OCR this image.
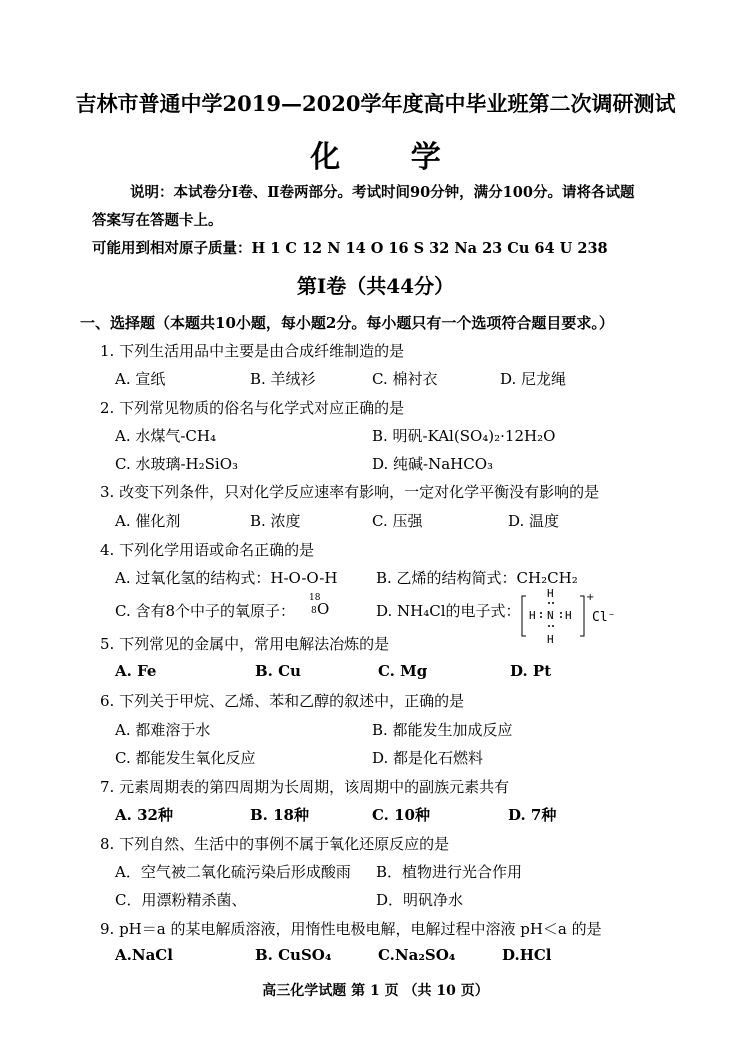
吉林市普通中学2019—2020学年度高中毕业班第二次调研测试
化 学
说明：本试卷分Ⅰ卷、Ⅱ卷两部分。考试时间90分钟，满分100分。请将各试题
答案写在答题卡上。
可能用到相对原子质量：H 1 C 12 N 14 O 16 S 32 Na 23 Cu 64 U 238
第Ⅰ卷（共44分）
一、选择题（本题共10小题，每小题2分。每小题只有一个选项符合题目要求。）
1. 下列生活用品中主要是由合成纤维制造的是
A. 宣纸	B. 羊绒衫	C. 棉衬衣	D. 尼龙绳
2. 下列常见物质的俗名与化学式对应正确的是
A. 水煤气-CH₄	B. 明矾-KAl(SO₄)₂·12H₂O
C. 水玻璃-H₂SiO₃	D. 纯碱-NaHCO₃
3. 改变下列条件，只对化学反应速率有影响，一定对化学平衡没有影响的是
A. 催化剂	B. 浓度	C. 压强	D. 温度
4. 下列化学用语或命名正确的是
A. 过氧化氢的结构式：H-O-O-H	B. 乙烯的结构简式：CH₂CH₂
C. 含有8个中子的氧原子：
18
8 O	D. NH₄Cl的电子式：
H
H N H
H
+
Cl⁻
5. 下列常见的金属中，常用电解法冶炼的是
A. Fe	B. Cu	C. Mg	D. Pt
6. 下列关于甲烷、乙烯、苯和乙醇的叙述中，正确的是
A. 都难溶于水	B. 都能发生加成反应
C. 都能发生氧化反应	D. 都是化石燃料
7. 元素周期表的第四周期为长周期，该周期中的副族元素共有
A. 32种	B. 18种	C. 10种	D. 7种
8. 下列自然、生活中的事例不属于氧化还原反应的是
A．空气被二氧化硫污染后形成酸雨 B．植物进行光合作用
C．用漂粉精杀菌、	D．明矾净水
9. pH＝a 的某电解质溶液，用惰性电极电解，电解过程中溶液 pH＜a 的是
A.NaCl	B. CuSO₄	C.Na₂SO₄	D.HCl
高三化学试题 第 1 页 （共 10 页）
